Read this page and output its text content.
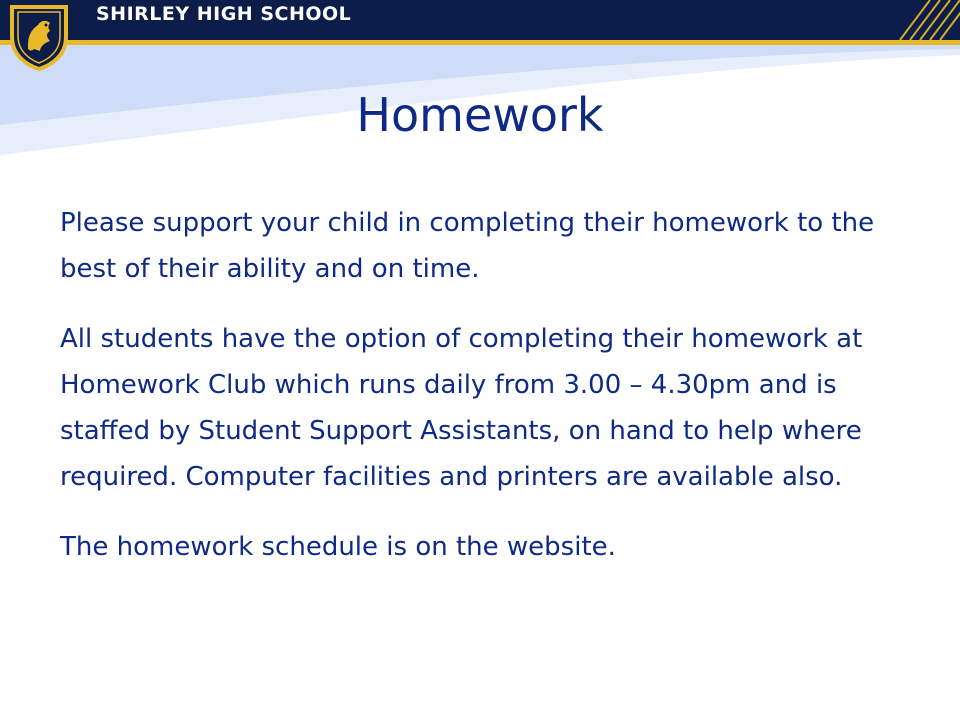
SHIRLEY HIGH SCHOOL
Homework

Please support your child in completing their homework to the best of their ability and on time.

All students have the option of completing their homework at Homework Club which runs daily from 3.00 – 4.30pm and is staffed by Student Support Assistants, on hand to help where required. Computer facilities and printers are available also.

The homework schedule is on the website.
